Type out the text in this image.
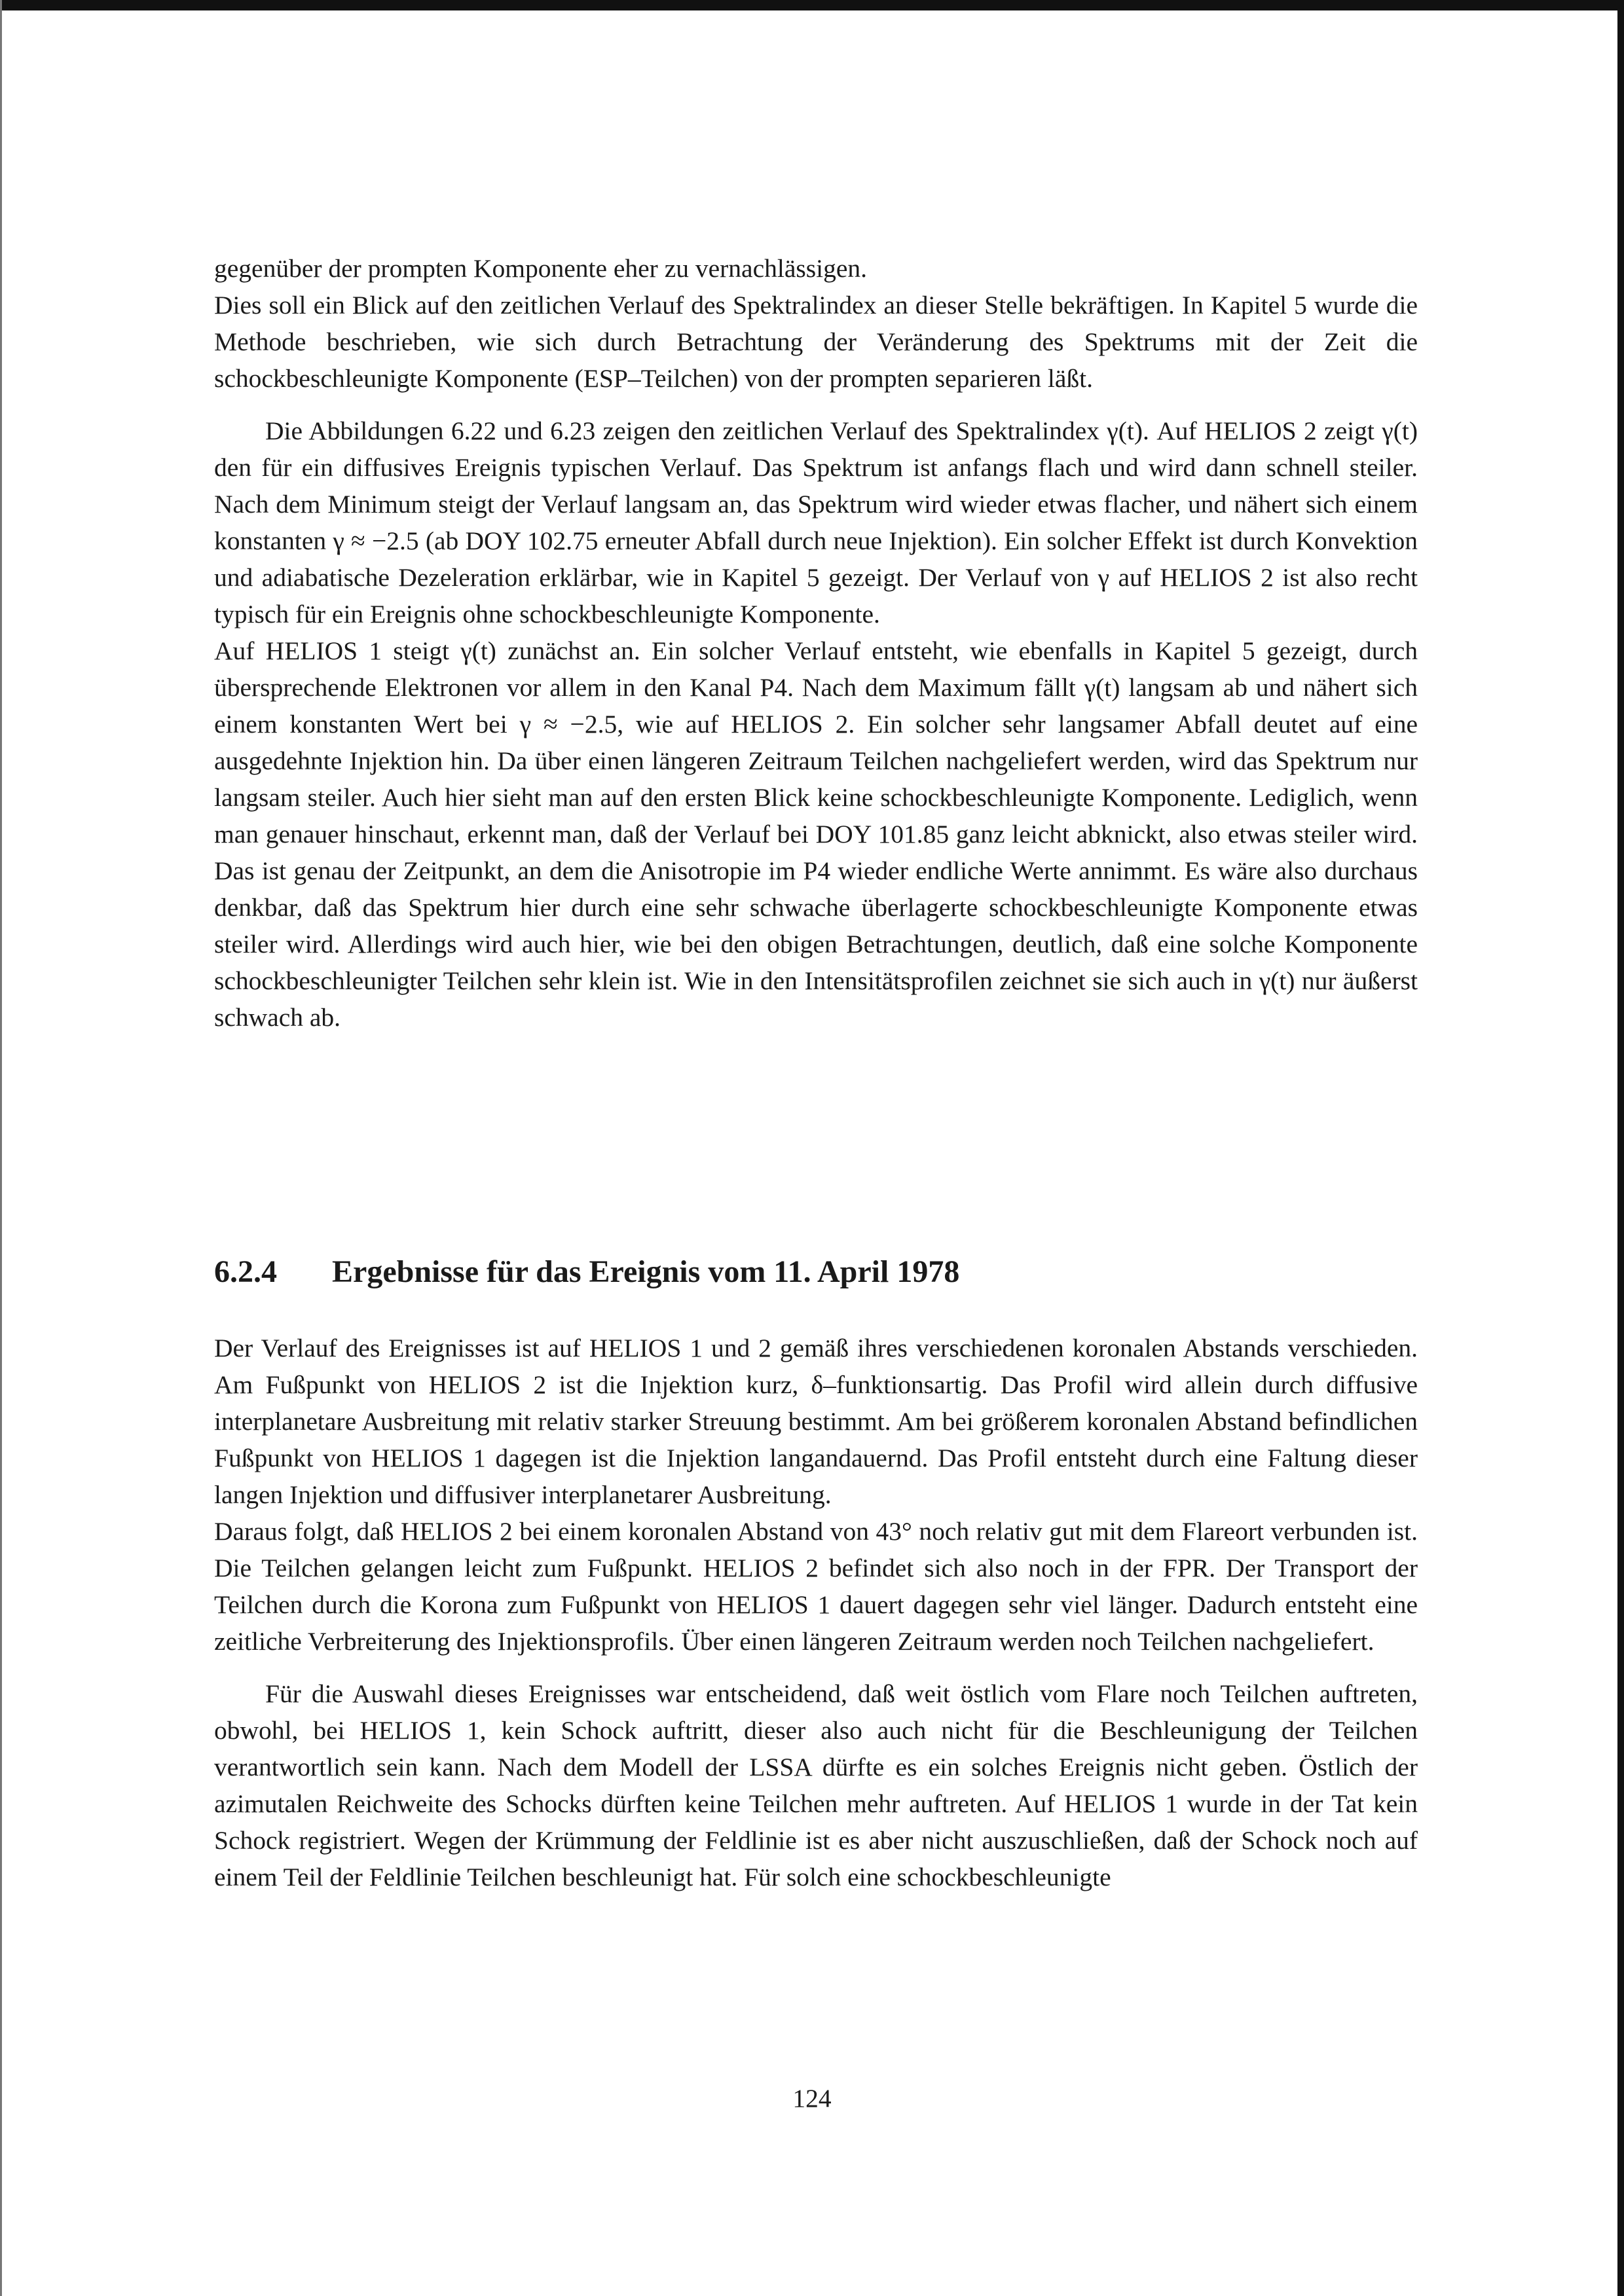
gegenüber der prompten Komponente eher zu vernachlässigen.

Dies soll ein Blick auf den zeitlichen Verlauf des Spektralindex an dieser Stelle bekräftigen. In Kapitel 5 wurde die Methode beschrieben, wie sich durch Betrachtung der Veränderung des Spektrums mit der Zeit die schockbeschleunigte Komponente (ESP–Teilchen) von der prompten separieren läßt.

Die Abbildungen 6.22 und 6.23 zeigen den zeitlichen Verlauf des Spektralindex γ(t). Auf HELIOS 2 zeigt γ(t) den für ein diffusives Ereignis typischen Verlauf. Das Spektrum ist anfangs flach und wird dann schnell steiler. Nach dem Minimum steigt der Verlauf langsam an, das Spektrum wird wieder etwas flacher, und nähert sich einem konstanten γ ≈ −2.5 (ab DOY 102.75 erneuter Abfall durch neue Injektion). Ein solcher Effekt ist durch Konvektion und adiabatische Dezeleration erklärbar, wie in Kapitel 5 gezeigt. Der Verlauf von γ auf HELIOS 2 ist also recht typisch für ein Ereignis ohne schockbeschleunigte Komponente.

Auf HELIOS 1 steigt γ(t) zunächst an. Ein solcher Verlauf entsteht, wie ebenfalls in Kapitel 5 gezeigt, durch übersprechende Elektronen vor allem in den Kanal P4. Nach dem Maximum fällt γ(t) langsam ab und nähert sich einem konstanten Wert bei γ ≈ −2.5, wie auf HELIOS 2. Ein solcher sehr langsamer Abfall deutet auf eine ausgedehnte Injektion hin. Da über einen längeren Zeitraum Teilchen nachgeliefert werden, wird das Spektrum nur langsam steiler. Auch hier sieht man auf den ersten Blick keine schockbeschleunigte Komponente. Lediglich, wenn man genauer hinschaut, erkennt man, daß der Verlauf bei DOY 101.85 ganz leicht abknickt, also etwas steiler wird. Das ist genau der Zeitpunkt, an dem die Anisotropie im P4 wieder endliche Werte annimmt. Es wäre also durchaus denkbar, daß das Spektrum hier durch eine sehr schwache überlagerte schockbeschleunigte Komponente etwas steiler wird. Allerdings wird auch hier, wie bei den obigen Betrachtungen, deutlich, daß eine solche Komponente schockbeschleunigter Teilchen sehr klein ist. Wie in den Intensitätsprofilen zeichnet sie sich auch in γ(t) nur äußerst schwach ab.

6.2.4 Ergebnisse für das Ereignis vom 11. April 1978

Der Verlauf des Ereignisses ist auf HELIOS 1 und 2 gemäß ihres verschiedenen koronalen Abstands verschieden. Am Fußpunkt von HELIOS 2 ist die Injektion kurz, δ–funktionsartig. Das Profil wird allein durch diffusive interplanetare Ausbreitung mit relativ starker Streuung bestimmt. Am bei größerem koronalen Abstand befindlichen Fußpunkt von HELIOS 1 dagegen ist die Injektion langandauernd. Das Profil entsteht durch eine Faltung dieser langen Injektion und diffusiver interplanetarer Ausbreitung.

Daraus folgt, daß HELIOS 2 bei einem koronalen Abstand von 43° noch relativ gut mit dem Flareort verbunden ist. Die Teilchen gelangen leicht zum Fußpunkt. HELIOS 2 befindet sich also noch in der FPR. Der Transport der Teilchen durch die Korona zum Fußpunkt von HELIOS 1 dauert dagegen sehr viel länger. Dadurch entsteht eine zeitliche Verbreiterung des Injektionsprofils. Über einen längeren Zeitraum werden noch Teilchen nachgeliefert.

Für die Auswahl dieses Ereignisses war entscheidend, daß weit östlich vom Flare noch Teilchen auftreten, obwohl, bei HELIOS 1, kein Schock auftritt, dieser also auch nicht für die Beschleunigung der Teilchen verantwortlich sein kann. Nach dem Modell der LSSA dürfte es ein solches Ereignis nicht geben. Östlich der azimutalen Reichweite des Schocks dürften keine Teilchen mehr auftreten. Auf HELIOS 1 wurde in der Tat kein Schock registriert. Wegen der Krümmung der Feldlinie ist es aber nicht auszuschließen, daß der Schock noch auf einem Teil der Feldlinie Teilchen beschleunigt hat. Für solch eine schockbeschleunigte

124
